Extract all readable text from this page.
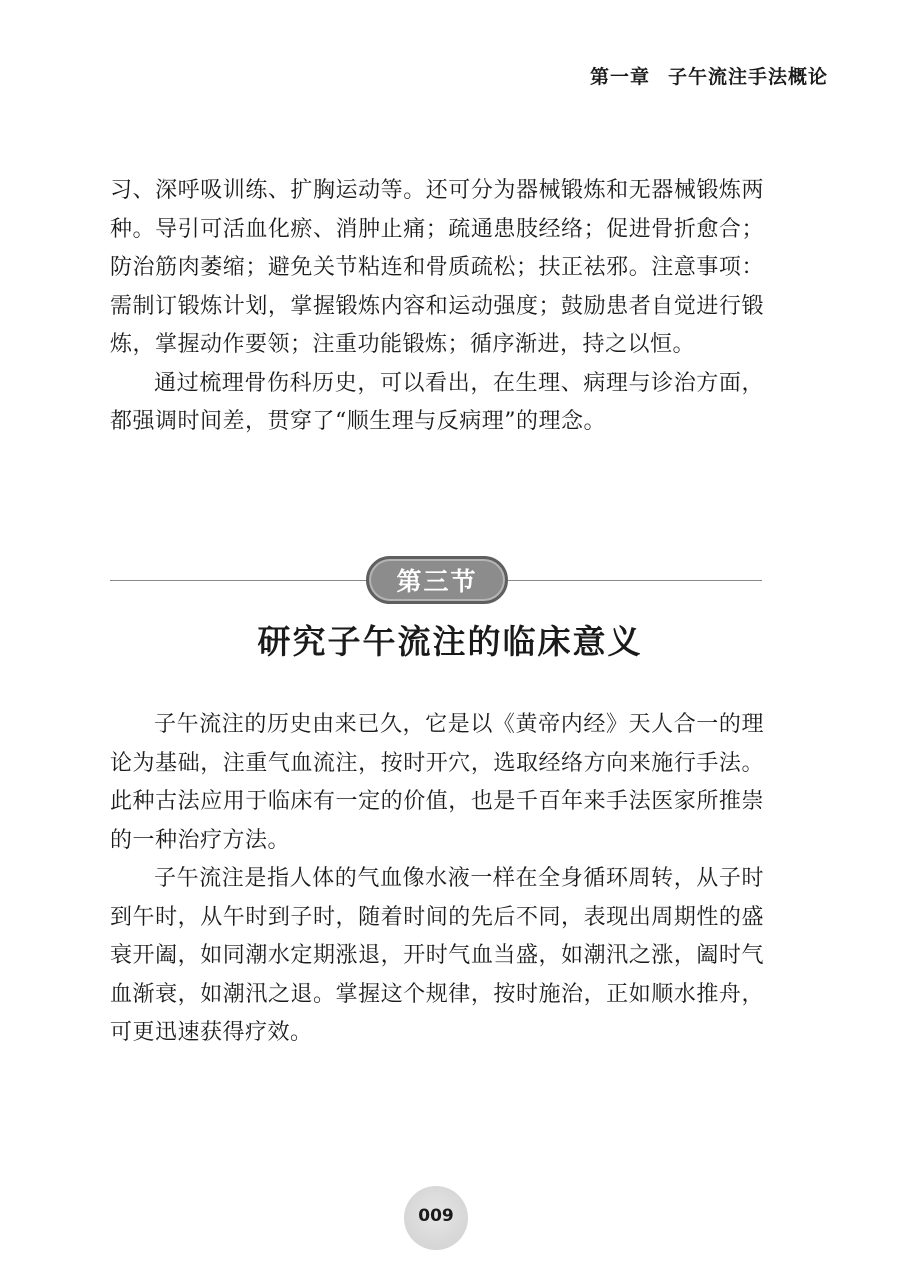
第一章 子午流注手法概论

习、深呼吸训练、扩胸运动等。还可分为器械锻炼和无器械锻炼两种。导引可活血化瘀、消肿止痛；疏通患肢经络；促进骨折愈合；防治筋肉萎缩；避免关节粘连和骨质疏松；扶正祛邪。注意事项：需制订锻炼计划，掌握锻炼内容和运动强度；鼓励患者自觉进行锻炼，掌握动作要领；注重功能锻炼；循序渐进，持之以恒。

通过梳理骨伤科历史，可以看出，在生理、病理与诊治方面，都强调时间差，贯穿了“顺生理与反病理”的理念。

第三节
研究子午流注的临床意义

子午流注的历史由来已久，它是以《黄帝内经》天人合一的理论为基础，注重气血流注，按时开穴，选取经络方向来施行手法。此种古法应用于临床有一定的价值，也是千百年来手法医家所推崇的一种治疗方法。

子午流注是指人体的气血像水液一样在全身循环周转，从子时到午时，从午时到子时，随着时间的先后不同，表现出周期性的盛衰开阖，如同潮水定期涨退，开时气血当盛，如潮汛之涨，阖时气血渐衰，如潮汛之退。掌握这个规律，按时施治，正如顺水推舟，可更迅速获得疗效。

009
